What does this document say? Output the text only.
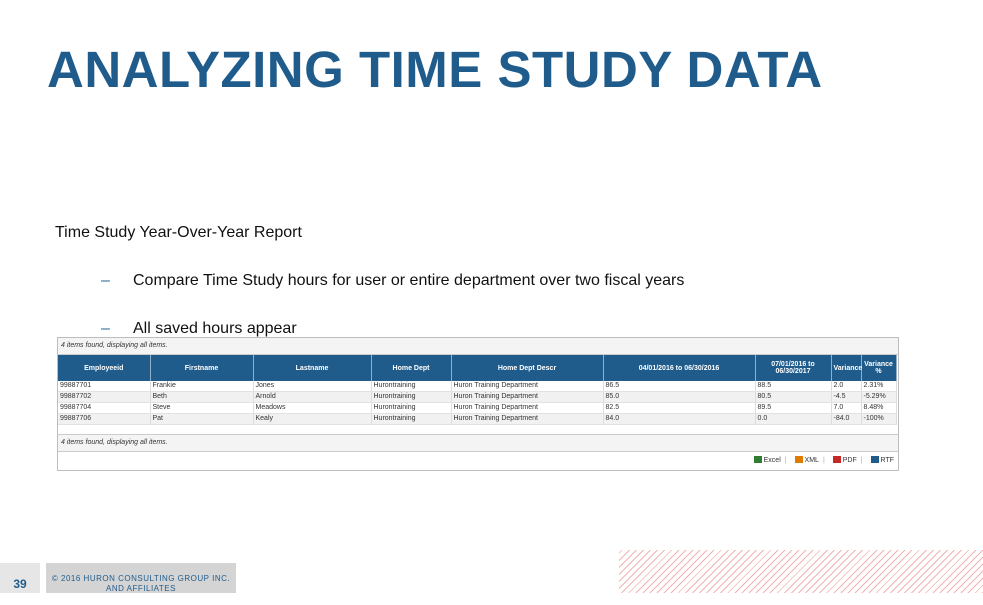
ANALYZING TIME STUDY DATA
Time Study Year-Over-Year Report
– Compare Time Study hours for user or entire department over two fiscal years
– All saved hours appear
4 items found, displaying all items.
Employeeid	Firstname	Lastname	Home Dept	Home Dept Descr	04/01/2016 to 06/30/2016	07/01/2016 to 06/30/2017	Variance	Variance %
99887701	Frankie	Jones	Hurontraining	Huron Training Department	86.5	88.5	2.0	2.31%
99887702	Beth	Arnold	Hurontraining	Huron Training Department	85.0	80.5	-4.5	-5.29%
99887704	Steve	Meadows	Hurontraining	Huron Training Department	82.5	89.5	7.0	8.48%
99887706	Pat	Kealy	Hurontraining	Huron Training Department	84.0	0.0	-84.0	-100%
4 items found, displaying all items.
Excel |	XML |	PDF |	RTF
39	© 2016 HURON CONSULTING GROUP INC. AND AFFILIATES
